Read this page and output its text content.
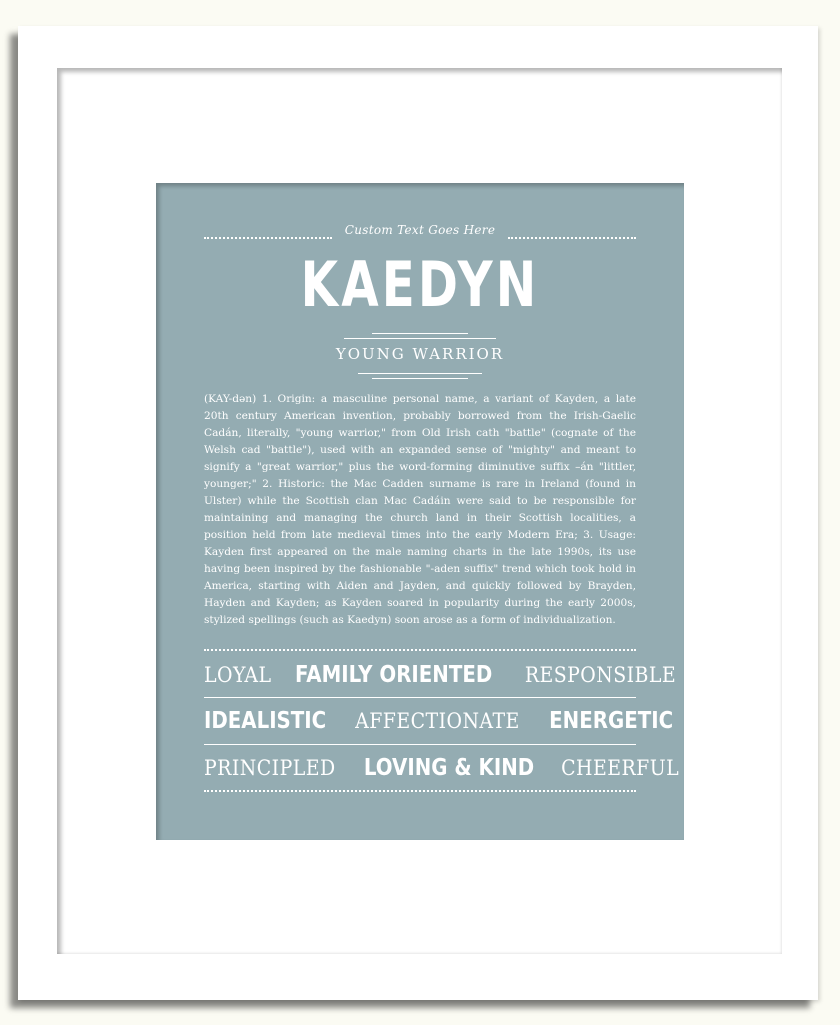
Custom Text Goes Here
KAEDYN
YOUNG WARRIOR
(KAY-dən) 1. Origin: a masculine personal name, a variant of Kayden, a late 20th century American invention, probably borrowed from the Irish-Gaelic Cadán, literally, "young warrior," from Old Irish cath "battle" (cognate of the Welsh cad "battle"), used with an expanded sense of "mighty" and meant to signify a "great warrior," plus the word-forming diminutive suffix –án "littler, younger;" 2. Historic: the Mac Cadden surname is rare in Ireland (found in Ulster) while the Scottish clan Mac Cadáin were said to be responsible for maintaining and managing the church land in their Scottish localities, a position held from late medieval times into the early Modern Era; 3. Usage: Kayden first appeared on the male naming charts in the late 1990s, its use having been inspired by the fashionable "-aden suffix" trend which took hold in America, starting with Aiden and Jayden, and quickly followed by Brayden, Hayden and Kayden; as Kayden soared in popularity during the early 2000s, stylized spellings (such as Kaedyn) soon arose as a form of individualization.
LOYAL FAMILY ORIENTED RESPONSIBLE
IDEALISTIC AFFECTIONATE ENERGETIC
PRINCIPLED LOVING & KIND CHEERFUL
